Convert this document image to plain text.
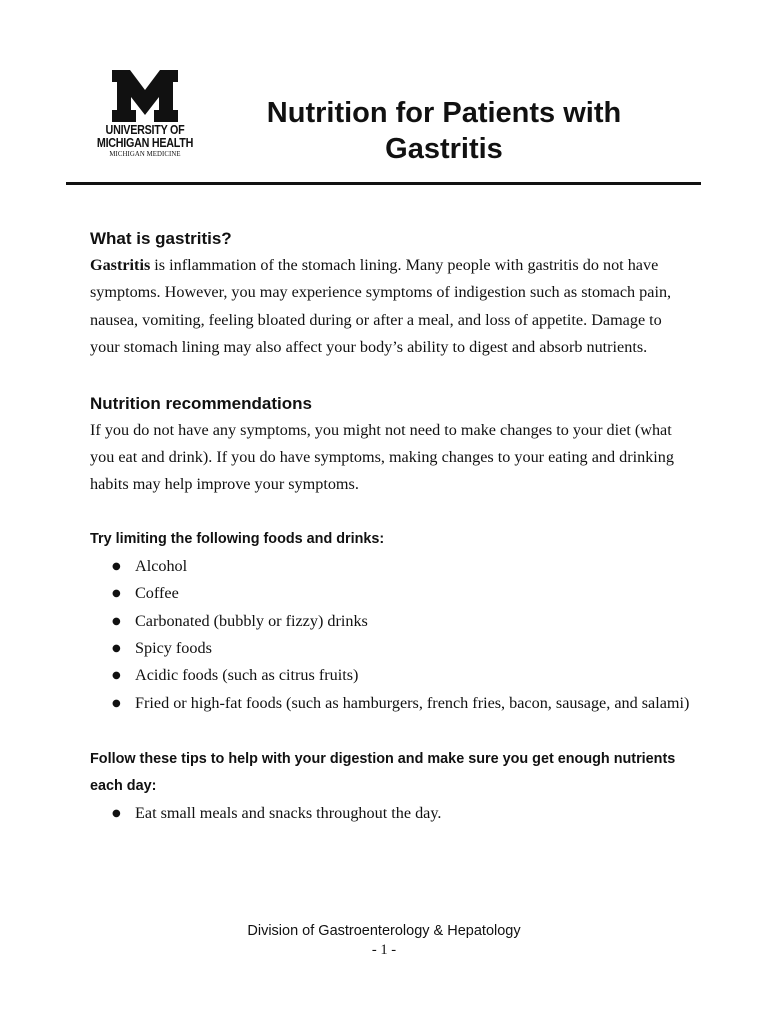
UNIVERSITY OF
MICHIGAN HEALTH
MICHIGAN MEDICINE
Nutrition for Patients with Gastritis
What is gastritis?

Gastritis is inflammation of the stomach lining. Many people with gastritis do not have symptoms. However, you may experience symptoms of indigestion such as stomach pain, nausea, vomiting, feeling bloated during or after a meal, and loss of appetite. Damage to your stomach lining may also affect your body’s ability to digest and absorb nutrients.

Nutrition recommendations

If you do not have any symptoms, you might not need to make changes to your diet (what you eat and drink). If you do have symptoms, making changes to your eating and drinking habits may help improve your symptoms.

Try limiting the following foods and drinks:
● Alcohol
● Coffee
● Carbonated (bubbly or fizzy) drinks
● Spicy foods
● Acidic foods (such as citrus fruits)
● Fried or high-fat foods (such as hamburgers, french fries, bacon, sausage, and salami)
Follow these tips to help with your digestion and make sure you get enough nutrients each day:
● Eat small meals and snacks throughout the day.
Division of Gastroenterology & Hepatology
- 1 -
